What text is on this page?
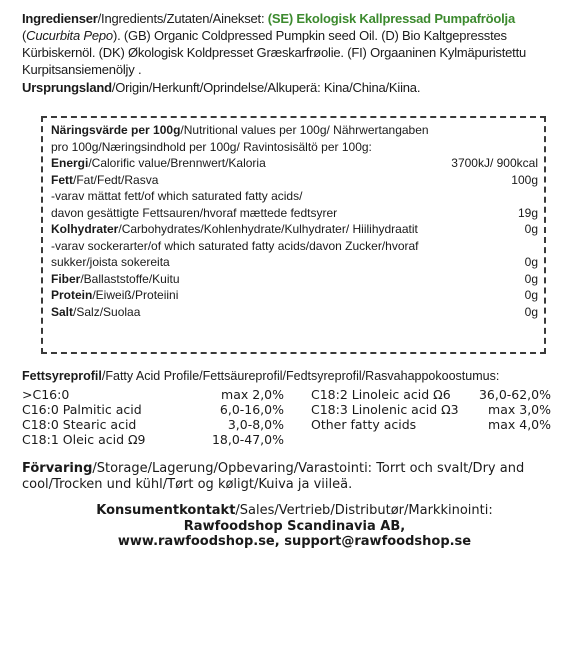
Ingredienser/Ingredients/Zutaten/Ainekset: (SE) Ekologisk Kallpressad Pumpafröolja (Cucurbita Pepo). (GB) Organic Coldpressed Pumpkin seed Oil. (D) Bio Kaltgepresstes Kürbiskernöl. (DK) Økologisk Koldpresset Græskarfrøolie. (FI) Orgaaninen Kylmäpuristettu Kurpitsansiemenöljy .
Ursprungsland/Origin/Herkunft/Oprindelse/Alkuperä: Kina/China/Kiina.
Näringsvärde per 100g/Nutritional values per 100g/ Nährwertangaben pro 100g/Næringsindhold per 100g/ Ravintosisältö per 100g:
Energi/Calorific value/Brennwert/Kaloria	3700kJ/ 900kcal
Fett/Fat/Fedt/Rasva	100g
-varav mättat fett/of which saturated fatty acids/
davon gesättigte Fettsauren/hvoraf mættede fedtsyrer	19g
Kolhydrater/Carbohydrates/Kohlenhydrate/Kulhydrater/ Hiilihydraatit	0g
-varav sockerarter/of which saturated fatty acids/davon Zucker/hvoraf sukker/joista sokereita	0g
Fiber/Ballaststoffe/Kuitu	0g
Protein/Eiweiß/Proteiini	0g
Salt/Salz/Suolaa	0g
Fettsyreprofil/Fatty Acid Profile/Fettsäureprofil/Fedtsyreprofil/Rasvahappokoostumus:
>C16:0	max 2,0%
C16:0 Palmitic acid	6,0-16,0%
C18:0 Stearic acid	3,0-8,0%
C18:1 Oleic acid Ω9	18,0-47,0%
C18:2 Linoleic acid Ω6 36,0-62,0%
C18:3 Linolenic acid Ω3 max 3,0%
Other fatty acids	max 4,0%
Förvaring/Storage/Lagerung/Opbevaring/Varastointi: Torrt och svalt/Dry and cool/Trocken und kühl/Tørt og køligt/Kuiva ja viileä.
Konsumentkontakt/Sales/Vertrieb/Distributør/Markkinointi:
Rawfoodshop Scandinavia AB,
www.rawfoodshop.se, support@rawfoodshop.se
